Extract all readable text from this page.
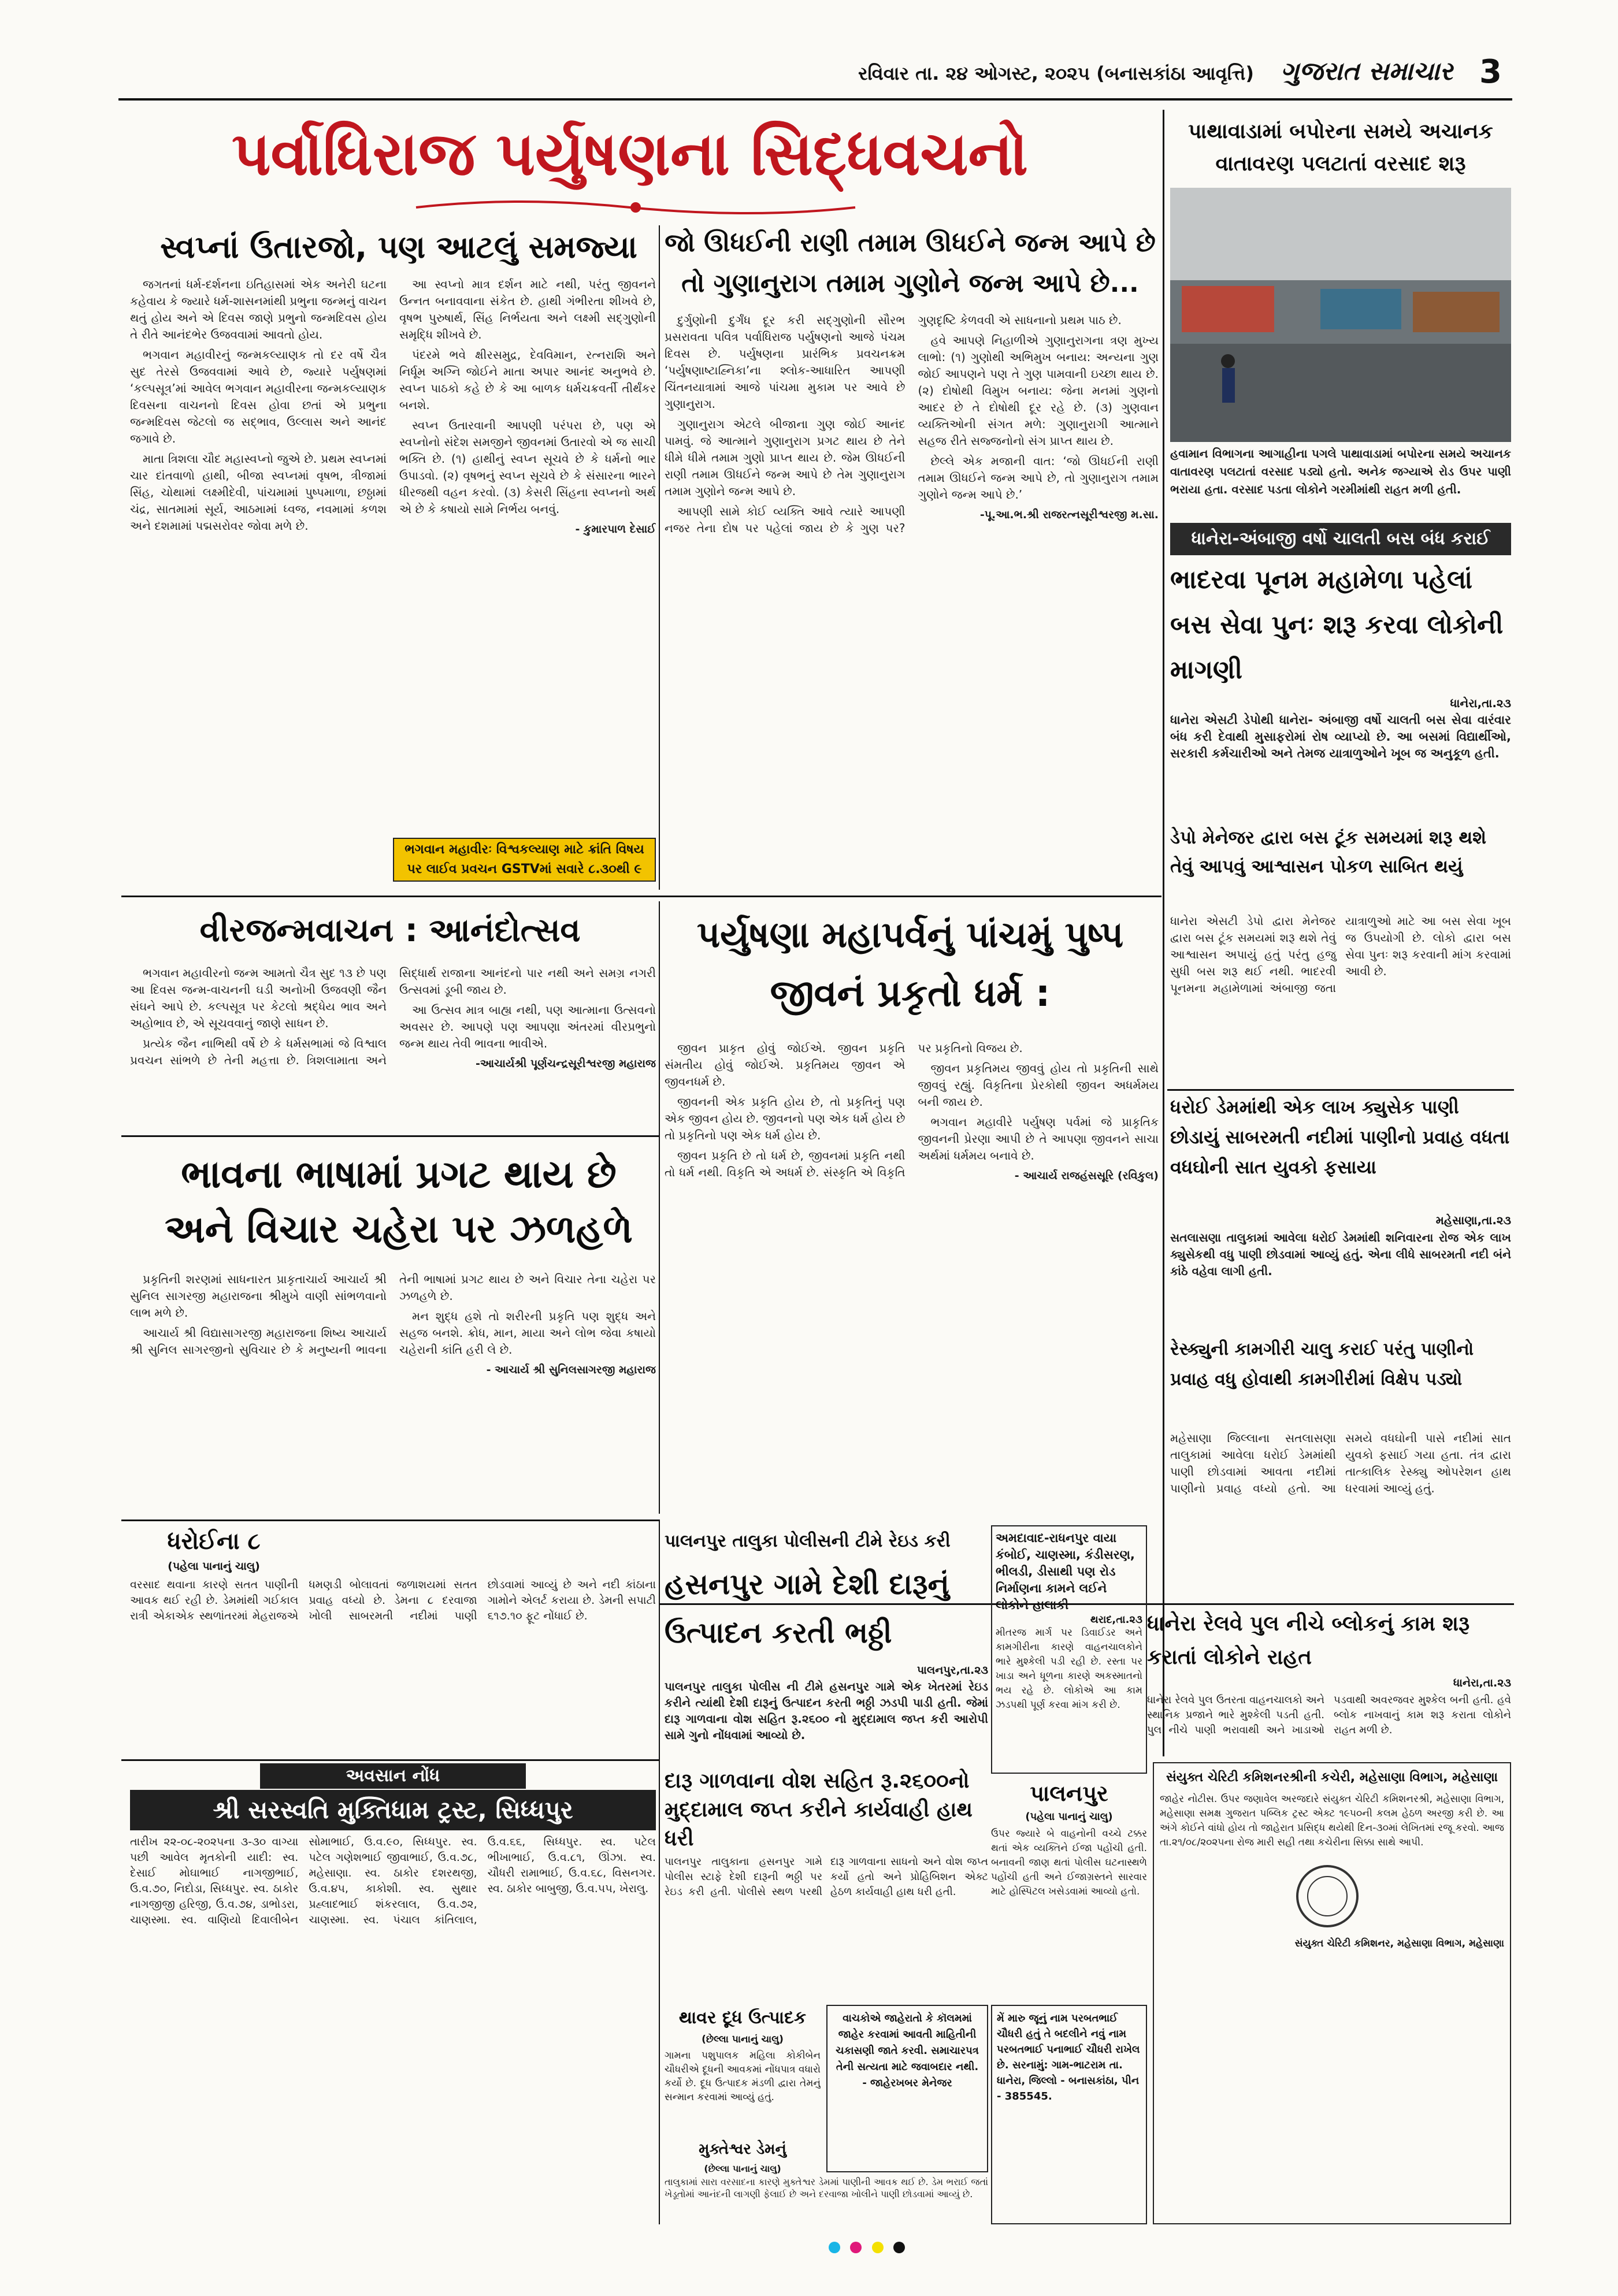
રવિવાર તા. ૨૪ ઓગસ્ટ, ૨૦૨૫ (બનાસકાંઠા આવૃત્તિ)	ગુજરાત સમાચાર 3
પર્વાધિરાજ પર્યુષણના સિદ્ધવચનો
સ્વપ્નાં ઉતારજો, પણ આટલું સમજ્યા

જગતનાં ધર્મ-દર્શનના ઇતિહાસમાં એક અનેરી ઘટના કહેવાય કે જ્યારે ધર્મ-શાસનમાંથી પ્રભુના જન્મનું વાચન થતું હોય અને એ દિવસ જાણે પ્રભુનો જન્મદિવસ હોય તે રીતે આનંદભેર ઉજવવામાં આવતો હોય.

ભગવાન મહાવીરનું જન્મકલ્યાણક તો દર વર્ષે ચૈત્ર સુદ તેરસે ઉજવવામાં આવે છે, જ્યારે પર્યુષણમાં ‘કલ્પસૂત્ર’માં આવેલ ભગવાન મહાવીરના જન્મકલ્યાણક દિવસના વાચનનો દિવસ હોવા છતાં એ પ્રભુના જન્મદિવસ જેટલો જ સદ્ભાવ, ઉલ્લાસ અને આનંદ જગાવે છે.

માતા ત્રિશલા ચૌદ મહાસ્વપ્નો જુએ છે. પ્રથમ સ્વપ્નમાં ચાર દાંતવાળો હાથી, બીજા સ્વપ્નમાં વૃષભ, ત્રીજામાં સિંહ, ચોથામાં લક્ષ્મીદેવી, પાંચમામાં પુષ્પમાળા, છઠ્ઠામાં ચંદ્ર, સાતમામાં સૂર્ય, આઠમામાં ધ્વજ, નવમામાં કળશ અને દશમામાં પદ્મસરોવર જોવા મળે છે.

આ સ્વપ્નો માત્ર દર્શન માટે નથી, પરંતુ જીવનને ઉન્નત બનાવવાના સંકેત છે. હાથી ગંભીરતા શીખવે છે, વૃષભ પુરુષાર્થ, સિંહ નિર્ભયતા અને લક્ષ્મી સદ્ગુણોની સમૃદ્ધિ શીખવે છે.

પંદરમે ભવે ક્ષીરસમુદ્ર, દેવવિમાન, રત્નરાશિ અને નિર્ધૂમ અગ્નિ જોઈને માતા અપાર આનંદ અનુભવે છે. સ્વપ્ન પાઠકો કહે છે કે આ બાળક ધર્મચક્રવર્તી તીર્થંકર બનશે.

સ્વપ્ન ઉતારવાની આપણી પરંપરા છે, પણ એ સ્વપ્નોનો સંદેશ સમજીને જીવનમાં ઉતારવો એ જ સાચી ભક્તિ છે. (૧) હાથીનું સ્વપ્ન સૂચવે છે કે ધર્મનો ભાર ઉપાડવો. (૨) વૃષભનું સ્વપ્ન સૂચવે છે કે સંસારના ભારને ધીરજથી વહન કરવો. (૩) કેસરી સિંહના સ્વપ્નનો અર્થ એ છે કે કષાયો સામે નિર્ભય બનવું.

- કુમારપાળ દેસાઈ
ભગવાન મહાવીરઃ વિશ્વકલ્યાણ માટે ક્રાંતિ વિષય પર લાઈવ પ્રવચન GSTVમાં સવારે ૮.૩૦થી ૯
જો ઊધઈની રાણી તમામ ઊધઈને જન્મ આપે છે તો ગુણાનુરાગ તમામ ગુણોને જન્મ આપે છે...

દુર્ગુણોની દુર્ગંધ દૂર કરી સદ્ગુણોની સૌરભ પ્રસરાવતા પવિત્ર પર્વાધિરાજ પર્યુષણનો આજે પંચમ દિવસ છે. પર્યુષણના પ્રારંભિક પ્રવચનક્રમ ‘પર્યુષણાષ્ટાહ્નિકા’ના શ્લોક-આધારિત આપણી ચિંતનયાત્રામાં આજે પાંચમા મુકામ પર આવે છે ગુણાનુરાગ.

ગુણાનુરાગ એટલે બીજાના ગુણ જોઈ આનંદ પામવું. જે આત્માને ગુણાનુરાગ પ્રગટ થાય છે તેને ધીમે ધીમે તમામ ગુણો પ્રાપ્ત થાય છે. જેમ ઊધઈની રાણી તમામ ઊધઈને જન્મ આપે છે તેમ ગુણાનુરાગ તમામ ગુણોને જન્મ આપે છે.

આપણી સામે કોઈ વ્યક્તિ આવે ત્યારે આપણી નજર તેના દોષ પર પહેલાં જાય છે કે ગુણ પર? ગુણદૃષ્ટિ કેળવવી એ સાધનાનો પ્રથમ પાઠ છે.

હવે આપણે નિહાળીએ ગુણાનુરાગના ત્રણ મુખ્ય લાભો: (૧) ગુણોથી અભિમુખ બનાય: અન્યના ગુણ જોઈ આપણને પણ તે ગુણ પામવાની ઇચ્છા થાય છે. (૨) દોષોથી વિમુખ બનાય: જેના મનમાં ગુણનો આદર છે તે દોષોથી દૂર રહે છે. (૩) ગુણવાન વ્યક્તિઓની સંગત મળે: ગુણાનુરાગી આત્માને સહજ રીતે સજ્જનોનો સંગ પ્રાપ્ત થાય છે.

છેલ્લે એક મજાની વાત: ‘જો ઊધઈની રાણી તમામ ઊધઈને જન્મ આપે છે, તો ગુણાનુરાગ તમામ ગુણોને જન્મ આપે છે.’

-પૂ.આ.ભ.શ્રી રાજરત્નસૂરીશ્વરજી મ.સા.
વીરજન્મવાચન : આનંદોત્સવ

ભગવાન મહાવીરનો જન્મ આમતો ચૈત્ર સુદ ૧૩ છે પણ આ દિવસ જન્મ-વાચનની ઘડી અનોખી ઉજવણી જૈન સંઘને આપે છે. કલ્પસૂત્ર પર કેટલો શ્રદ્ધેય ભાવ અને અહોભાવ છે, એ સૂચવવાનું જાણે સાધન છે.

પ્રત્યેક જૈન નાભિથી વર્ષે છે કે ધર્મસભામાં જે વિશ્વાલ પ્રવચન સાંભળે છે તેની મહત્તા છે. ત્રિશલામાતા અને સિદ્ધાર્થ રાજાના આનંદનો પાર નથી અને સમગ્ર નગરી ઉત્સવમાં ડૂબી જાય છે.

આ ઉત્સવ માત્ર બાહ્ય નથી, પણ આત્માના ઉત્સવનો અવસર છે. આપણે પણ આપણા અંતરમાં વીરપ્રભુનો જન્મ થાય તેવી ભાવના ભાવીએ.

-આચાર્યશ્રી પૂર્ણચન્દ્રસૂરીશ્વરજી મહારાજ
ભાવના ભાષામાં પ્રગટ થાય છે
અને વિચાર ચહેરા પર ઝળહળે

પ્રકૃતિની શરણમાં સાધનારત પ્રાકૃતાચાર્ય આચાર્ય શ્રી સુનિલ સાગરજી મહારાજના શ્રીમુખે વાણી સાંભળવાનો લાભ મળે છે.

આચાર્ય શ્રી વિદ્યાસાગરજી મહારાજના શિષ્ય આચાર્ય શ્રી સુનિલ સાગરજીનો સુવિચાર છે કે મનુષ્યની ભાવના તેની ભાષામાં પ્રગટ થાય છે અને વિચાર તેના ચહેરા પર ઝળહળે છે.

મન શુદ્ધ હશે તો શરીરની પ્રકૃતિ પણ શુદ્ધ અને સહજ બનશે. ક્રોધ, માન, માયા અને લોભ જેવા કષાયો ચહેરાની કાંતિ હરી લે છે.

- આચાર્ય શ્રી સુનિલસાગરજી મહારાજ
પર્યુષણા મહાપર્વનું પાંચમું પુષ્પ
જીવનં પ્રકૃતો ધર્મ :

જીવન પ્રાકૃત હોવું જોઈએ. જીવન પ્રકૃતિ સંમતીય હોવું જોઈએ. પ્રકૃતિમય જીવન એ જીવનધર્મ છે.

જીવનની એક પ્રકૃતિ હોય છે, તો પ્રકૃતિનું પણ એક જીવન હોય છે. જીવનનો પણ એક ધર્મ હોય છે તો પ્રકૃતિનો પણ એક ધર્મ હોય છે.

જીવન પ્રકૃતિ છે તો ધર્મ છે, જીવનમાં પ્રકૃતિ નથી તો ધર્મ નથી. વિકૃતિ એ અધર્મ છે. સંસ્કૃતિ એ વિકૃતિ પર પ્રકૃતિનો વિજય છે.

જીવન પ્રકૃતિમય જીવવું હોય તો પ્રકૃતિની સાથે જીવવું રહ્યું. વિકૃતિના પ્રેરકોથી જીવન અધર્મમય બની જાય છે.

ભગવાન મહાવીરે પર્યુષણ પર્વમાં જે પ્રાકૃતિક જીવનની પ્રેરણા આપી છે તે આપણા જીવનને સાચા અર્થમાં ધર્મમય બનાવે છે.

- આચાર્ય રાજહંસસૂરિ (રવિકુલ)
પાથાવાડામાં બપોરના સમયે અચાનક વાતાવરણ પલટાતાં વરસાદ શરૂ
હવામાન વિભાગના આગાહીના પગલે પાથાવાડામાં બપોરના સમયે અચાનક વાતાવરણ પલટાતાં વરસાદ પડ્યો હતો. અનેક જગ્યાએ રોડ ઉપર પાણી ભરાયા હતા. વરસાદ પડતા લોકોને ગરમીમાંથી રાહત મળી હતી.
ધાનેરા-અંબાજી વર્ષો ચાલતી બસ બંધ કરાઈ
ભાદરવા પૂનમ મહામેળા પહેલાં બસ સેવા પુનઃ શરૂ કરવા લોકોની માગણી
ધાનેરા,તા.૨૩
ધાનેરા એસટી ડેપોથી ધાનેરા- અંબાજી વર્ષો ચાલતી બસ સેવા વારંવાર બંધ કરી દેવાથી મુસાફરોમાં રોષ વ્યાપ્યો છે. આ બસમાં વિદ્યાર્થીઓ, સરકારી કર્મચારીઓ અને તેમજ યાત્રાળુઓને ખૂબ જ અનુકૂળ હતી.
ડેપો મેનેજર દ્વારા બસ ટૂંક સમયમાં શરૂ થશે તેવું આપવું આશ્વાસન પોકળ સાબિત થયું
ધાનેરા એસટી ડેપો દ્વારા મેનેજર દ્વારા બસ ટૂંક સમયમાં શરૂ થશે તેવું આશ્વાસન અપાયું હતું પરંતુ હજુ સુધી બસ શરૂ થઈ નથી. ભાદરવી પૂનમના મહામેળામાં અંબાજી જતા યાત્રાળુઓ માટે આ બસ સેવા ખૂબ જ ઉપયોગી છે. લોકો દ્વારા બસ સેવા પુનઃ શરૂ કરવાની માંગ કરવામાં આવી છે.
ધરોઈ ડેમમાંથી એક લાખ ક્યુસેક પાણી છોડાયું સાબરમતી નદીમાં પાણીનો પ્રવાહ વધતા વધઘોની સાત યુવકો ફસાયા
મહેસાણા,તા.૨૩
સતલાસણા તાલુકામાં આવેલા ધરોઈ ડેમમાંથી શનિવારના રોજ એક લાખ ક્યુસેકથી વધુ પાણી છોડવામાં આવ્યું હતું. એના લીધે સાબરમતી નદી બંને કાંઠે વહેવા લાગી હતી.
રેસ્ક્યુની કામગીરી ચાલુ કરાઈ પરંતુ પાણીનો પ્રવાહ વધુ હોવાથી કામગીરીમાં વિક્ષેપ પડ્યો
મહેસાણા જિલ્લાના સતલાસણા તાલુકામાં આવેલા ધરોઈ ડેમમાંથી પાણી છોડવામાં આવતા નદીમાં પાણીનો પ્રવાહ વધ્યો હતો. આ સમયે વધઘોની પાસે નદીમાં સાત યુવકો ફસાઈ ગયા હતા. તંત્ર દ્વારા તાત્કાલિક રેસ્ક્યુ ઓપરેશન હાથ ધરવામાં આવ્યું હતું.
ધાનેરા રેલવે પુલ નીચે બ્લોકનું કામ શરૂ કરાતાં લોકોને રાહત
ધાનેરા,તા.૨૩
ધાનેરા રેલવે પુલ ઉતરતા વાહનચાલકો અને સ્થાનિક પ્રજાને ભારે મુશ્કેલી પડતી હતી. પુલ નીચે પાણી ભરાવાથી અને ખાડાઓ પડવાથી અવરજવર મુશ્કેલ બની હતી. હવે બ્લોક નાખવાનું કામ શરૂ કરાતા લોકોને રાહત મળી છે.
ધરોઈના ૮
(પહેલા પાનાનું ચાલુ)
વરસાદ થવાના કારણે સતત પાણીની આવક થઈ રહી છે. ડેમમાંથી ગઈકાલ રાત્રી એકાએક સ્થળાંતરમાં મેહરાજએ ધમણડી બોલાવતાં જળાશયમાં સતત પ્રવાહ વધ્યો છે. ડેમના ૮ દરવાજા ખોલી સાબરમતી નદીમાં પાણી છોડવામાં આવ્યું છે અને નદી કાંઠાના ગામોને એલર્ટ કરાયા છે. ડેમની સપાટી ૬૧૭.૧૦ ફૂટ નોંધાઈ છે.
પાલનપુર તાલુકા પોલીસની ટીમે રેઇડ કરી
હસનપુર ગામે દેશી દારૂનું ઉત્પાદન કરતી ભઠ્ઠી
પાલનપુર,તા.૨૩
પાલનપુર તાલુકા પોલીસ ની ટીમે હસનપુર ગામે એક ખેતરમાં રેઇડ કરીને ત્યાંથી દેશી દારૂનું ઉત્પાદન કરતી ભઠ્ઠી ઝડપી પાડી હતી. જેમાં દારૂ ગાળવાના વોશ સહિત રૂ.૨૬૦૦ નો મુદ્દામાલ જપ્ત કરી આરોપી સામે ગુનો નોંધવામાં આવ્યો છે.
દારૂ ગાળવાના વોશ સહિત રૂ.૨૬૦૦નો મુદ્દામાલ જપ્ત કરીને કાર્યવાહી હાથ ધરી
પાલનપુર તાલુકાના હસનપુર ગામે પોલીસ સ્ટાફે દેશી દારૂની ભઠ્ઠી પર રેઇડ કરી હતી. પોલીસે સ્થળ પરથી દારૂ ગાળવાના સાધનો અને વોશ જપ્ત કર્યો હતો અને પ્રોહિબિશન એક્ટ હેઠળ કાર્યવાહી હાથ ધરી હતી.
અમદાવાદ-રાધનપુર વાયા કંબોઈ, ચાણસ્મા, કંડીસરણ, ભીલડી, ડીસાથી પણ રોડ નિર્માણના કામને લઈને લોકોને હાલાકી
થરાદ,તા.૨૩
મીતરજ માર્ગ પર ડિવાઈડર અને કામગીરીના કારણે વાહનચાલકોને ભારે મુશ્કેલી પડી રહી છે. રસ્તા પર ખાડા અને ધૂળના કારણે અકસ્માતનો ભય રહે છે. લોકોએ આ કામ ઝડપથી પૂર્ણ કરવા માંગ કરી છે.
પાલનપુર
(પહેલા પાનાનું ચાલુ)
ઉપર જ્યારે બે વાહનોની વચ્ચે ટક્કર થતાં એક વ્યક્તિને ઈજા પહોંચી હતી. બનાવની જાણ થતાં પોલીસ ઘટનાસ્થળે પહોંચી હતી અને ઈજાગ્રસ્તને સારવાર માટે હોસ્પિટલ ખસેડવામાં આવ્યો હતો.
અવસાન નોંધ
શ્રી સરસ્વતિ મુક્તિધામ ટ્રસ્ટ, સિધ્ધપુર
તારીખ ૨૨-૦૮-૨૦૨૫ના ૩-૩૦ વાગ્યા પછી આવેલ મૃતકોની યાદી: સ્વ. દેસાઈ મોઘાભાઈ નાગજીભાઈ, ઉ.વ.૭૦, નિદોડા, સિધ્ધપુર. સ્વ. ઠાકોર નાગજીજી હરિજી, ઉ.વ.૭૪, ડાભોડરા, ચાણસ્મા. સ્વ. વાણિયો દિવાલીબેન સોમાભાઈ, ઉ.વ.૯૦, સિધ્ધપુર. સ્વ. પટેલ ગણેશભાઈ જીવાભાઈ, ઉ.વ.૭૮, મહેસાણા. સ્વ. ઠાકોર દશરથજી, ઉ.વ.૪૫, કાકોશી. સ્વ. સુથાર પ્રહ્લાદભાઈ શંકરલાલ, ઉ.વ.૭૨, ચાણસ્મા. સ્વ. પંચાલ કાંતિલાલ, ઉ.વ.૬૬, સિધ્ધપુર. સ્વ. પટેલ ભીખાભાઈ, ઉ.વ.૮૧, ઊંઝા. સ્વ. ચૌધરી રામાભાઈ, ઉ.વ.૬૮, વિસનગર. સ્વ. ઠાકોર બાબુજી, ઉ.વ.૫૫, ખેરાલુ.
થાવર દૂધ ઉત્પાદક
(છેલ્લા પાનાનું ચાલુ)
ગામના પશુપાલક મહિલા કોકીબેન ચૌધરીએ દૂધની આવકમાં નોંધપાત્ર વધારો કર્યો છે. દૂધ ઉત્પાદક મંડળી દ્વારા તેમનું સન્માન કરવામાં આવ્યું હતું.
મુક્તેશ્વર ડેમનું
(છેલ્લા પાનાનું ચાલુ)
તાલુકામાં સારા વરસાદના કારણે મુક્તેશ્વર ડેમમાં પાણીની આવક થઈ છે. ડેમ ભરાઈ જતાં ખેડૂતોમાં આનંદની લાગણી ફેલાઈ છે અને દરવાજા ખોલીને પાણી છોડવામાં આવ્યું છે.
વાચકોએ જાહેરાતો કે કૉલમમાં જાહેર કરવામાં આવતી માહિતીની ચકાસણી જાતે કરવી. સમાચારપત્ર તેની સત્યતા માટે જવાબદાર નથી. - જાહેરખબર મેનેજર
મેં મારુ જૂનું નામ પરબતભાઈ ચૌધરી હતું તે બદલીને નવું નામ પરબતભાઈ પનાભાઈ ચૌધરી રાખેલ છે. સરનામું: ગામ-ભાટરામ તા. ધાનેરા, જિલ્લો - બનાસકાંઠા, પીન - 385545.
સંયુક્ત ચેરિટી કમિશનરશ્રીની કચેરી, મહેસાણા વિભાગ, મહેસાણા
જાહેર નોટીસ. ઉપર જણાવેલ અરજદારે સંયુક્ત ચેરિટી કમિશનરશ્રી, મહેસાણા વિભાગ, મહેસાણા સમક્ષ ગુજરાત પબ્લિક ટ્રસ્ટ એક્ટ ૧૯૫૦ની કલમ હેઠળ અરજી કરી છે. આ અંગે કોઈને વાંધો હોય તો જાહેરાત પ્રસિદ્ધ થયેથી દિન-૩૦માં લેખિતમાં રજૂ કરવો. આજ તા.૨૧/૦૮/૨૦૨૫ના રોજ મારી સહી તથા કચેરીના સિક્કા સાથે આપી.
સંયુક્ત ચેરિટી કમિશનર, મહેસાણા વિભાગ, મહેસાણા
